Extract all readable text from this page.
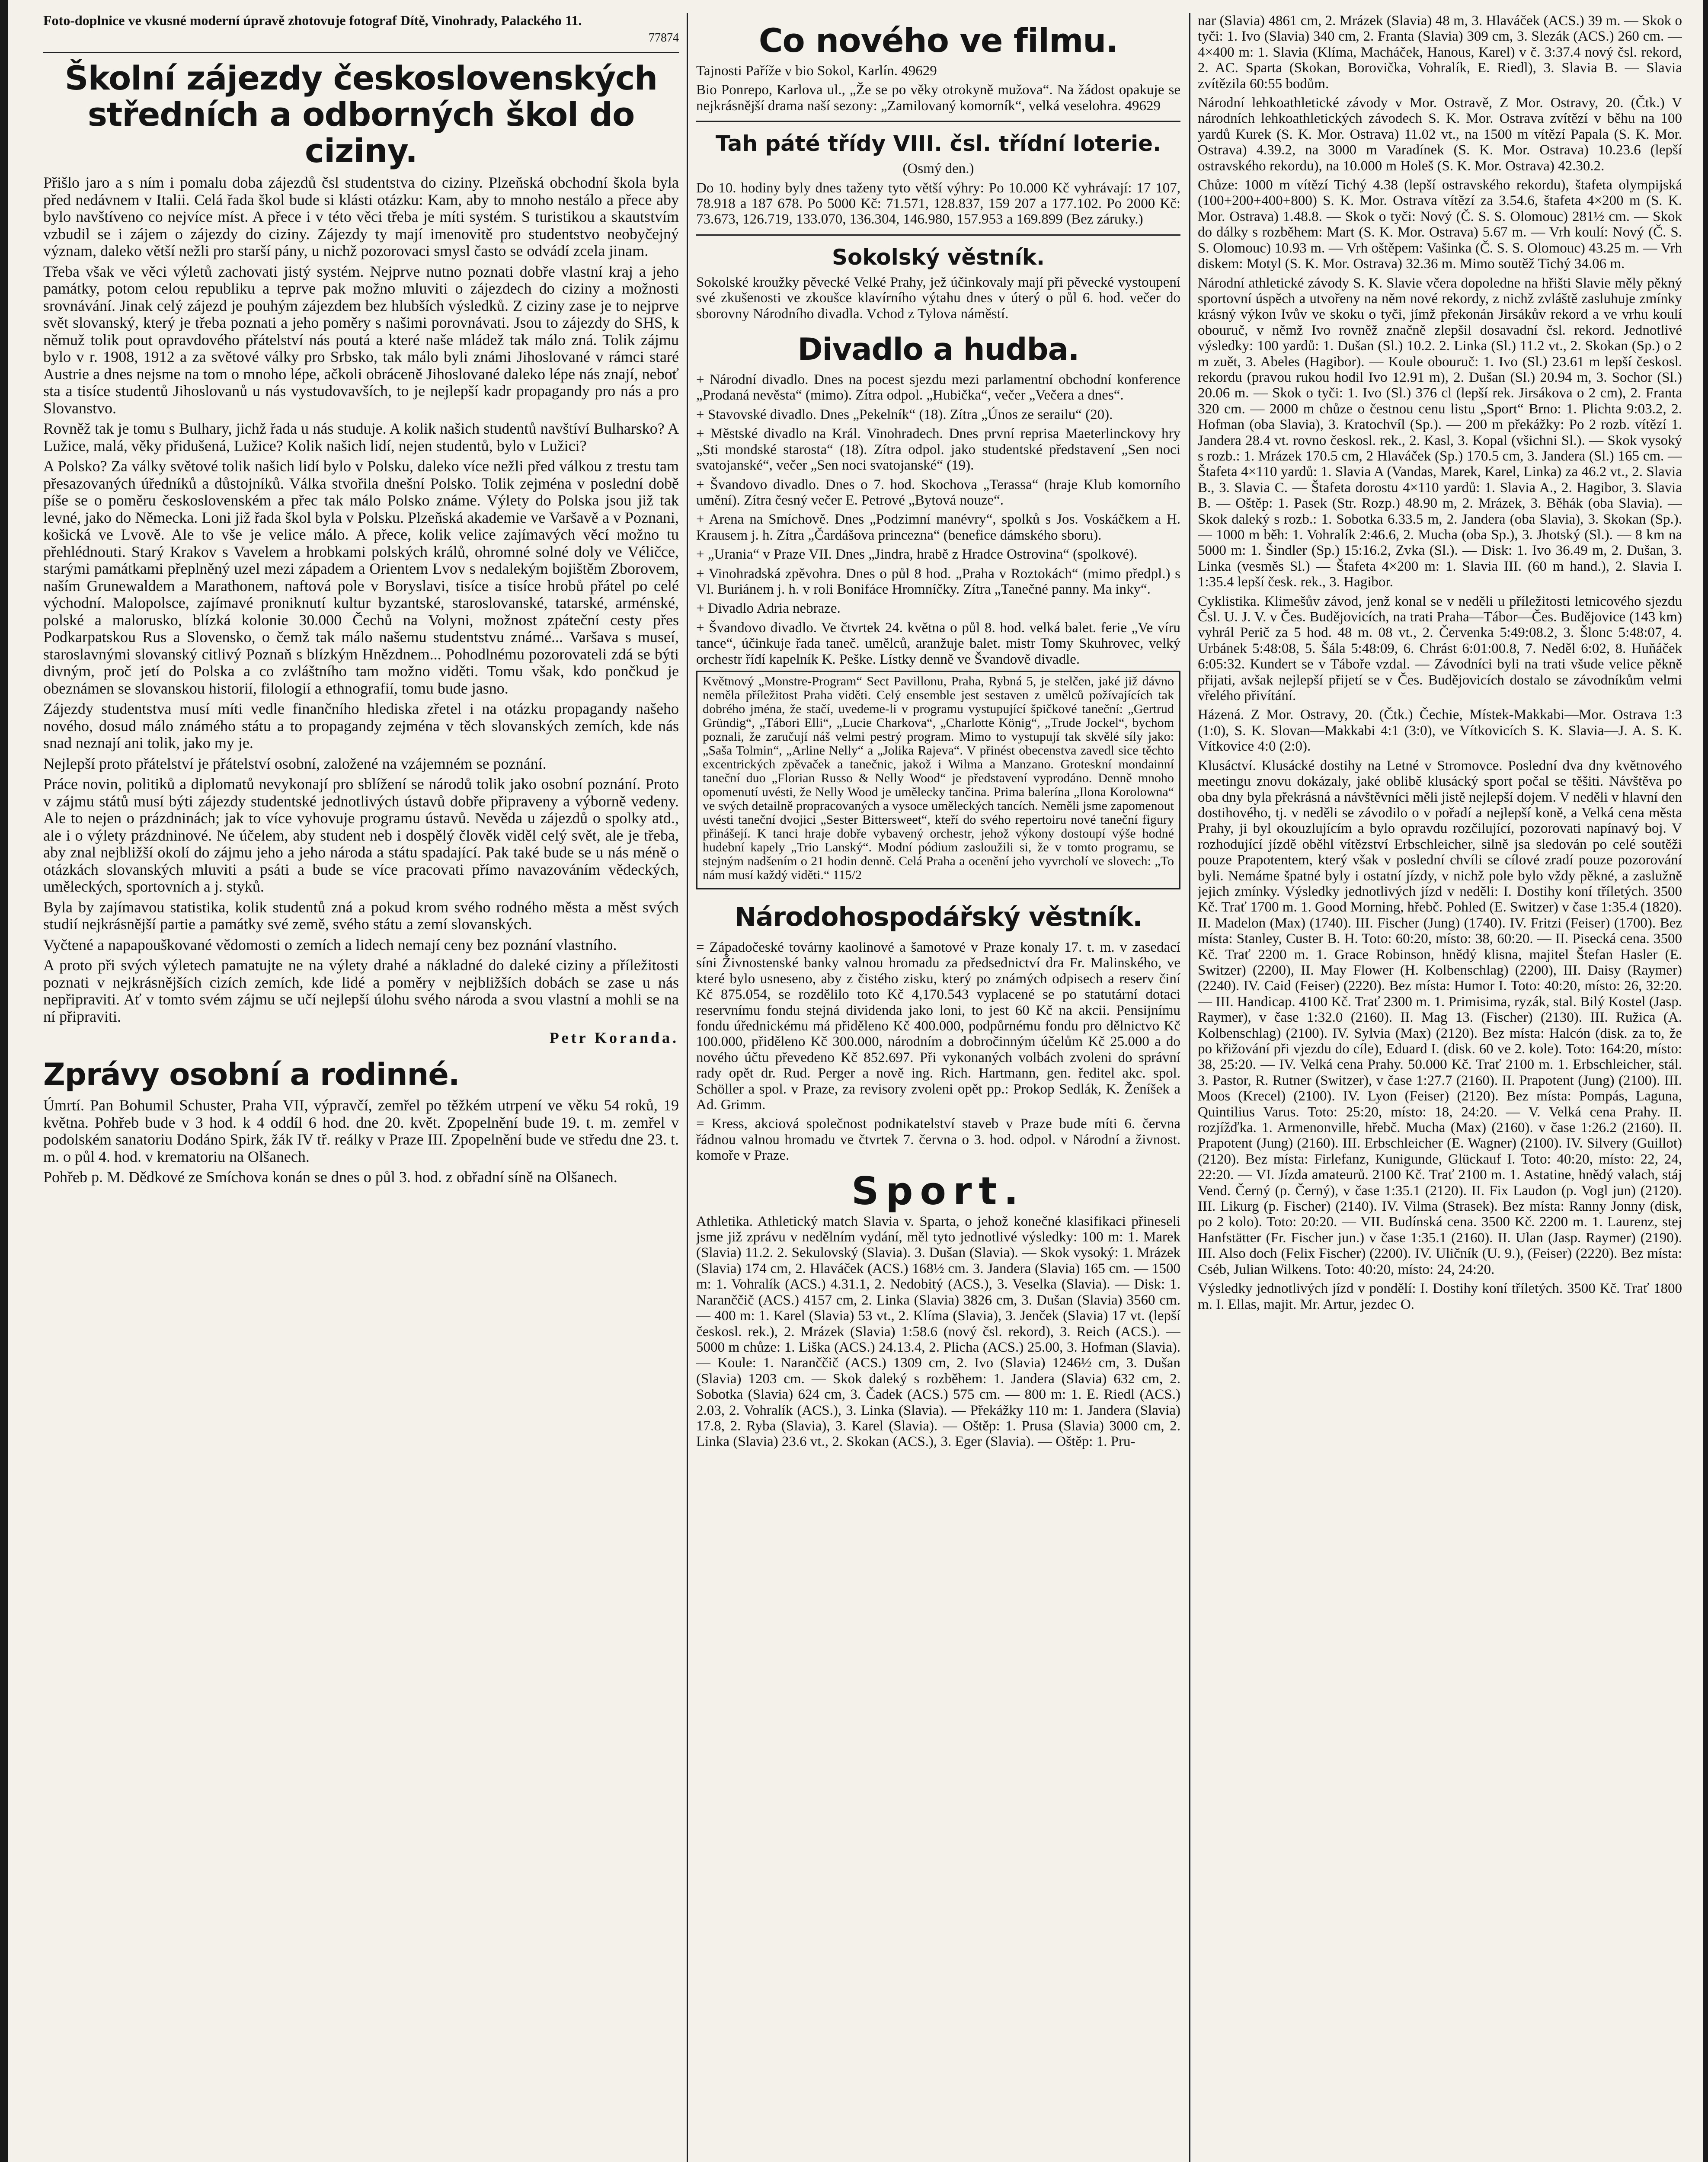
Foto-doplnice ve vkusné moderní úpravě zhotovuje fotograf Dítě, Vinohrady, Palackého 11.
77874
Školní zájezdy československých středních a odborných škol do ciziny.
Přišlo jaro a s ním i pomalu doba zájezdů čsl studentstva do ciziny. Plzeňská obchodní škola byla před nedávnem v Italii. Celá řada škol bude si klásti otázku: Kam, aby to mnoho nestálo a přece aby bylo navštíveno co nejvíce míst. A přece i v této věci třeba je míti systém. S turistikou a skautstvím vzbudil se i zájem o zájezdy do ciziny. Zájezdy ty mají imenovitě pro studentstvo neobyčejný význam, daleko větší nežli pro starší pány, u nichž pozorovaci smysl často se odvádí zcela jinam.
Třeba však ve věci výletů zachovati jistý systém. Nejprve nutno poznati dobře vlastní kraj a jeho památky, potom celou republiku a teprve pak možno mluviti o zájezdech do ciziny a možnosti srovnávání. Jinak celý zájezd je pouhým zájezdem bez hlubších výsledků. Z ciziny zase je to nejprve svět slovanský, který je třeba poznati a jeho poměry s našimi porovnávati. Jsou to zájezdy do SHS, k němuž tolik pout opravdového přátelství nás poutá a které naše mládež tak málo zná. Tolik zájmu bylo v r. 1908, 1912 a za světové války pro Srbsko, tak málo byli známi Jihoslované v rámci staré Austrie a dnes nejsme na tom o mnoho lépe, ačkoli obráceně Jihoslované daleko lépe nás znají, neboť sta a tisíce studentů Jihoslovanů u nás vystudovavších, to je nejlepší kadr propagandy pro nás a pro Slovanstvo.
Rovněž tak je tomu s Bulhary, jichž řada u nás studuje. A kolik našich studentů navštíví Bulharsko? A Lužice, malá, věky přidušená, Lužice? Kolik našich lidí, nejen studentů, bylo v Lužici?
A Polsko? Za války světové tolik našich lidí bylo v Polsku, daleko více nežli před válkou z trestu tam přesazovaných úředníků a důstojníků. Válka stvořila dnešní Polsko. Tolik zejména v poslední době píše se o poměru československém a přec tak málo Polsko známe. Výlety do Polska jsou již tak levné, jako do Německa. Loni již řada škol byla v Polsku. Plzeňská akademie ve Varšavě a v Poznani, košická ve Lvově. Ale to vše je velice málo. A přece, kolik velice zajímavých věcí možno tu přehlédnouti. Starý Krakov s Vavelem a hrobkami polských králů, ohromné solné doly ve Véličce, starými památkami přeplněný uzel mezi západem a Orientem Lvov s nedalekým bojištěm Zborovem, naším Grunewaldem a Marathonem, naftová pole v Boryslavi, tisíce a tisíce hrobů přátel po celé východní. Malopolsce, zajímavé proniknutí kultur byzantské, staroslovanské, tatarské, arménské, polské a malorusko, blízká kolonie 30.000 Čechů na Volyni, možnost zpáteční cesty přes Podkarpatskou Rus a Slovensko, o čemž tak málo našemu studentstvu známé... Varšava s museí, staroslavnými slovanský citlivý Poznaň s blízkým Hnězdnem... Pohodlnému pozorovateli zdá se býti divným, proč jetí do Polska a co zvláštního tam možno viděti. Tomu však, kdo pončkud je obeznámen se slovanskou historií, filologií a ethnografií, tomu bude jasno.
Zájezdy studentstva musí míti vedle finančního hlediska zřetel i na otázku propagandy našeho nového, dosud málo známého státu a to propagandy zejména v těch slovanských zemích, kde nás snad neznají ani tolik, jako my je.
Nejlepší proto přátelství je přátelství osobní, založené na vzájemném se poznání.
Práce novin, politiků a diplomatů nevykonají pro sblížení se národů tolik jako osobní poznání. Proto v zájmu států musí býti zájezdy studentské jednotlivých ústavů dobře připraveny a výborně vedeny. Ale to nejen o prázdninách; jak to více vyhovuje programu ústavů. Nevěda u zájezdů o spolky atd., ale i o výlety prázdninové. Ne účelem, aby student neb i dospělý člověk viděl celý svět, ale je třeba, aby znal nejbližší okolí do zájmu jeho a jeho národa a státu spadající. Pak také bude se u nás méně o otázkách slovanských mluviti a psáti a bude se více pracovati přímo navazováním vědeckých, uměleckých, sportovních a j. styků.
Byla by zajímavou statistika, kolik studentů zná a pokud krom svého rodného města a měst svých studií nejkrásnější partie a památky své země, svého státu a zemí slovanských.
Vyčtené a napapouškované vědomosti o zemích a lidech nemají ceny bez poznání vlastního.
A proto při svých výletech pamatujte ne na výlety drahé a nákladné do daleké ciziny a příležitosti poznati v nejkrásnějších cizích zemích, kde lidé a poměry v nejbližších dobách se zase u nás nepřipraviti. Ať v tomto svém zájmu se učí nejlepší úlohu svého národa a svou vlastní a mohli se na ní připraviti.
Petr Koranda.
Zprávy osobní a rodinné.
Úmrtí. Pan Bohumil Schuster, Praha VII, výpravčí, zemřel po těžkém utrpení ve věku 54 roků, 19 května. Pohřeb bude v 3 hod. k 4 oddíl 6 hod. dne 20. květ. Zpopelnění bude 19. t. m. zemřel v podolském sanatoriu Dodáno Spirk, žák IV tř. reálky v Praze III. Zpopelnění bude ve středu dne 23. t. m. o půl 4. hod. v krematoriu na Olšanech.
Pohřeb p. M. Dědkové ze Smíchova konán se dnes o půl 3. hod. z obřadní síně na Olšanech.
Co nového ve filmu.
Tajnosti Paříže v bio Sokol, Karlín. 49629
Bio Ponrepo, Karlova ul., „Že se po věky otrokyně mužova“. Na žádost opakuje se nejkrásnější drama naší sezony: „Zamilovaný komorník“, velká veselohra. 49629
Tah páté třídy VIII. čsl. třídní loterie.
(Osmý den.)
Do 10. hodiny byly dnes taženy tyto větší výhry: Po 10.000 Kč vyhrávají: 17 107, 78.918 a 187 678. Po 5000 Kč: 71.571, 128.837, 159 207 a 177.102. Po 2000 Kč: 73.673, 126.719, 133.070, 136.304, 146.980, 157.953 a 169.899 (Bez záruky.)
Sokolský věstník.
Sokolské kroužky pěvecké Velké Prahy, jež účinkovaly mají při pěvecké vystoupení své zkušenosti ve zkoušce klavírního výtahu dnes v úterý o půl 6. hod. večer do sborovny Národního divadla. Vchod z Tylova náměstí.
Divadlo a hudba.
+ Národní divadlo. Dnes na pocest sjezdu mezi parlamentní obchodní konference „Prodaná nevěsta“ (mimo). Zítra odpol. „Hubička“, večer „Večera a dnes“.
+ Stavovské divadlo. Dnes „Pekelník“ (18). Zítra „Únos ze serailu“ (20).
+ Městské divadlo na Král. Vinohradech. Dnes první reprisa Maeterlinckovy hry „Sti mondské starosta“ (18). Zítra odpol. jako studentské představení „Sen noci svatojanské“, večer „Sen noci svatojanské“ (19).
+ Švandovo divadlo. Dnes o 7. hod. Skochova „Terassa“ (hraje Klub komorního umění). Zítra česný večer E. Petrové „Bytová nouze“.
+ Arena na Smíchově. Dnes „Podzimní manévry“, spolků s Jos. Voskáčkem a H. Krausem j. h. Zítra „Čardášova princezna“ (benefice dámského sboru).
+ „Urania“ v Praze VII. Dnes „Jindra, hrabě z Hradce Ostrovina“ (spolkové).
+ Vinohradská zpěvohra. Dnes o půl 8 hod. „Praha v Roztokách“ (mimo předpl.) s Vl. Buriánem j. h. v roli Bonifáce Hromníčky. Zítra „Tanečné panny. Ma inky“.
+ Divadlo Adria nebraze.
+ Švandovo divadlo. Ve čtvrtek 24. května o půl 8. hod. velká balet. ferie „Ve víru tance“, účinkuje řada taneč. umělců, aranžuje balet. mistr Tomy Skuhrovec, velký orchestr řídí kapelník K. Peške. Lístky denně ve Švandově divadle.
Květnový „Monstre-Program“ Sect Pavillonu, Praha, Rybná 5, je stelčen, jaké již dávno neměla příležitost Praha viděti. Celý ensemble jest sestaven z umělců požívajících tak dobrého jména, že stačí, uvedeme-li v programu vystupující špičkové taneční: „Gertrud Gründig“, „Tábori Elli“, „Lucie Charkova“, „Charlotte König“, „Trude Jockel“, bychom poznali, že zaručují náš velmi pestrý program. Mimo to vystupují tak skvělé síly jako: „Saša Tolmin“, „Arline Nelly“ a „Jolika Rajeva“. V přinést obecenstva zavedl sice těchto excentrických zpěvaček a tanečnic, jakož i Wilma a Manzano. Groteskní mondainní taneční duo „Florian Russo & Nelly Wood“ je představení vyprodáno. Denně mnoho opomenutí uvésti, že Nelly Wood je umělecky tančina. Prima balerína „Ilona Korolowna“ ve svých detailně propracovaných a vysoce uměleckých tancích. Neměli jsme zapomenout uvésti taneční dvojici „Sester Bittersweet“, kteří do svého repertoiru nové taneční figury přinášejí. K tanci hraje dobře vybavený orchestr, jehož výkony dostoupí výše hodné hudební kapely „Trio Lanský“. Modní pódium zasloužili si, že v tomto programu, se stejným nadšením o 21 hodin denně. Celá Praha a ocenění jeho vyvrcholí ve slovech: „To nám musí každý viděti.“ 115/2
Národohospodářský věstník.
= Západočeské továrny kaolinové a šamotové v Praze konaly 17. t. m. v zasedací síni Živnostenské banky valnou hromadu za předsednictví dra Fr. Malinského, ve které bylo usneseno, aby z čistého zisku, který po známých odpisech a reserv činí Kč 875.054, se rozdělilo toto Kč 4,170.543 vyplacené se po statutární dotaci reservnímu fondu stejná dividenda jako loni, to jest 60 Kč na akcii. Pensijnímu fondu úřednickému má přiděleno Kč 400.000, podpůrnému fondu pro dělnictvo Kč 100.000, přiděleno Kč 300.000, národním a dobročinným účelům Kč 25.000 a do nového účtu převedeno Kč 852.697. Při vykonaných volbách zvoleni do správní rady opět dr. Rud. Perger a nově ing. Rich. Hartmann, gen. ředitel akc. spol. Schöller a spol. v Praze, za revisory zvoleni opět pp.: Prokop Sedlák, K. Ženíšek a Ad. Grimm.
= Kress, akciová společnost podnikatelství staveb v Praze bude míti 6. června řádnou valnou hromadu ve čtvrtek 7. června o 3. hod. odpol. v Národní a živnost. komoře v Praze.
Sport.
Athletika. Athletický match Slavia v. Sparta, o jehož konečné klasifikaci přineseli jsme již zprávu v nedělním vydání, měl tyto jednotlivé výsledky: 100 m: 1. Marek (Slavia) 11.2. 2. Sekulovský (Slavia). 3. Dušan (Slavia). — Skok vysoký: 1. Mrázek (Slavia) 174 cm, 2. Hlaváček (ACS.) 168½ cm. 3. Jandera (Slavia) 165 cm. — 1500 m: 1. Vohralík (ACS.) 4.31.1, 2. Nedobitý (ACS.), 3. Veselka (Slavia). — Disk: 1. Naranččič (ACS.) 4157 cm, 2. Linka (Slavia) 3826 cm, 3. Dušan (Slavia) 3560 cm. — 400 m: 1. Karel (Slavia) 53 vt., 2. Klíma (Slavia), 3. Jenček (Slavia) 17 vt. (lepší českosl. rek.), 2. Mrázek (Slavia) 1:58.6 (nový čsl. rekord), 3. Reich (ACS.). — 5000 m chůze: 1. Liška (ACS.) 24.13.4, 2. Plicha (ACS.) 25.00, 3. Hofman (Slavia). — Koule: 1. Naranččič (ACS.) 1309 cm, 2. Ivo (Slavia) 1246½ cm, 3. Dušan (Slavia) 1203 cm. — Skok daleký s rozběhem: 1. Jandera (Slavia) 632 cm, 2. Sobotka (Slavia) 624 cm, 3. Čadek (ACS.) 575 cm. — 800 m: 1. E. Riedl (ACS.) 2.03, 2. Vohralík (ACS.), 3. Linka (Slavia). — Překážky 110 m: 1. Jandera (Slavia) 17.8, 2. Ryba (Slavia), 3. Karel (Slavia). — Oštěp: 1. Prusa (Slavia) 3000 cm, 2. Linka (Slavia) 23.6 vt., 2. Skokan (ACS.), 3. Eger (Slavia). — Oštěp: 1. Pru-
nar (Slavia) 4861 cm, 2. Mrázek (Slavia) 48 m, 3. Hlaváček (ACS.) 39 m. — Skok o tyči: 1. Ivo (Slavia) 340 cm, 2. Franta (Slavia) 309 cm, 3. Slezák (ACS.) 260 cm. — 4×400 m: 1. Slavia (Klíma, Macháček, Hanous, Karel) v č. 3:37.4 nový čsl. rekord, 2. AC. Sparta (Skokan, Borovička, Vohralík, E. Riedl), 3. Slavia B. — Slavia zvítězila 60:55 bodům.
Národní lehkoathletické závody v Mor. Ostravě, Z Mor. Ostravy, 20. (Čtk.) V národních lehkoathletických závodech S. K. Mor. Ostrava zvítězí v běhu na 100 yardů Kurek (S. K. Mor. Ostrava) 11.02 vt., na 1500 m vítězí Papala (S. K. Mor. Ostrava) 4.39.2, na 3000 m Varadínek (S. K. Mor. Ostrava) 10.23.6 (lepší ostravského rekordu), na 10.000 m Holeš (S. K. Mor. Ostrava) 42.30.2.
Chůze: 1000 m vítězí Tichý 4.38 (lepší ostravského rekordu), štafeta olympijská (100+200+400+800) S. K. Mor. Ostrava vítězí za 3.54.6, štafeta 4×200 m (S. K. Mor. Ostrava) 1.48.8. — Skok o tyči: Nový (Č. S. S. Olomouc) 281½ cm. — Skok do dálky s rozběhem: Mart (S. K. Mor. Ostrava) 5.67 m. — Vrh koulí: Nový (Č. S. S. Olomouc) 10.93 m. — Vrh oštěpem: Vašinka (Č. S. S. Olomouc) 43.25 m. — Vrh diskem: Motyl (S. K. Mor. Ostrava) 32.36 m. Mimo soutěž Tichý 34.06 m.
Národní athletické závody S. K. Slavie včera dopoledne na hřišti Slavie měly pěkný sportovní úspěch a utvořeny na něm nové rekordy, z nichž zvláště zasluhuje zmínky krásný výkon Ivův ve skoku o tyči, jímž překonán Jirsákův rekord a ve vrhu koulí obouruč, v němž Ivo rovněž značně zlepšil dosavadní čsl. rekord. Jednotlivé výsledky: 100 yardů: 1. Dušan (Sl.) 10.2. 2. Linka (Sl.) 11.2 vt., 2. Skokan (Sp.) o 2 m zuět, 3. Abeles (Hagibor). — Koule obouruč: 1. Ivo (Sl.) 23.61 m lepší českosl. rekordu (pravou rukou hodil Ivo 12.91 m), 2. Dušan (Sl.) 20.94 m, 3. Sochor (Sl.) 20.06 m. — Skok o tyči: 1. Ivo (Sl.) 376 cl (lepší rek. Jirsákova o 2 cm), 2. Franta 320 cm. — 2000 m chůze o čestnou cenu listu „Sport“ Brno: 1. Plichta 9:03.2, 2. Hofman (oba Slavia), 3. Kratochvíl (Sp.). — 200 m překážky: Po 2 rozb. vítězí 1. Jandera 28.4 vt. rovno českosl. rek., 2. Kasl, 3. Kopal (všichni Sl.). — Skok vysoký s rozb.: 1. Mrázek 170.5 cm, 2 Hlaváček (Sp.) 170.5 cm, 3. Jandera (Sl.) 165 cm. — Štafeta 4×110 yardů: 1. Slavia A (Vandas, Marek, Karel, Linka) za 46.2 vt., 2. Slavia B., 3. Slavia C. — Štafeta dorostu 4×110 yardů: 1. Slavia A., 2. Hagibor, 3. Slavia B. — Oštěp: 1. Pasek (Str. Rozp.) 48.90 m, 2. Mrázek, 3. Běhák (oba Slavia). — Skok daleký s rozb.: 1. Sobotka 6.33.5 m, 2. Jandera (oba Slavia), 3. Skokan (Sp.). — 1000 m běh: 1. Vohralík 2:46.6, 2. Mucha (oba Sp.), 3. Jhotský (Sl.). — 8 km na 5000 m: 1. Šindler (Sp.) 15:16.2, Zvka (Sl.). — Disk: 1. Ivo 36.49 m, 2. Dušan, 3. Linka (vesměs Sl.) — Štafeta 4×200 m: 1. Slavia III. (60 m hand.), 2. Slavia I. 1:35.4 lepší česk. rek., 3. Hagibor.
Cyklistika. Klimešův závod, jenž konal se v neděli u příležitosti letnicového sjezdu Čsl. U. J. V. v Čes. Budějovicích, na trati Praha—Tábor—Čes. Budějovice (143 km) vyhrál Perič za 5 hod. 48 m. 08 vt., 2. Červenka 5:49:08.2, 3. Šlonc 5:48:07, 4. Urbánek 5:48:08, 5. Šála 5:48:09, 6. Chrást 6:01:00.8, 7. Neděl 6:02, 8. Huňáček 6:05:32. Kundert se v Táboře vzdal. — Závodníci byli na trati všude velice pěkně přijati, avšak nejlepší přijetí se v Čes. Budějovicích dostalo se závodníkům velmi vřelého přivítání.
Házená. Z Mor. Ostravy, 20. (Čtk.) Čechie, Místek-Makkabi—Mor. Ostrava 1:3 (1:0), S. K. Slovan—Makkabi 4:1 (3:0), ve Vítkovicích S. K. Slavia—J. A. S. K. Vítkovice 4:0 (2:0).
Klusáctví. Klusácké dostihy na Letné v Stromovce. Poslední dva dny květnového meetingu znovu dokázaly, jaké oblibě klusácký sport počal se těšiti. Návštěva po oba dny byla překrásná a návštěvníci měli jistě nejlepší dojem. V neděli v hlavní den dostihového, tj. v neděli se závodilo o v pořadí a nejlepší koně, a Velká cena města Prahy, ji byl okouzlujícím a bylo opravdu rozčilující, pozorovati napínavý boj. V rozhodující jízdě oběhl vítězství Erbschleicher, silně jsa sledován po celé soutěži pouze Prapotentem, který však v poslední chvíli se cílové zradí pouze pozorování byli. Nemáme špatné byly i ostatní jízdy, v nichž pole bylo vždy pěkné, a zaslužně jejich zmínky. Výsledky jednotlivých jízd v neděli: I. Dostihy koní tříletých. 3500 Kč. Trať 1700 m. 1. Good Morning, hřebč. Pohled (E. Switzer) v čase 1:35.4 (1820). II. Madelon (Max) (1740). III. Fischer (Jung) (1740). IV. Fritzi (Feiser) (1700). Bez místa: Stanley, Custer B. H. Toto: 60:20, místo: 38, 60:20. — II. Pisecká cena. 3500 Kč. Trať 2200 m. 1. Grace Robinson, hnědý klisna, majitel Štefan Hasler (E. Switzer) (2200), II. May Flower (H. Kolbenschlag) (2200), III. Daisy (Raymer) (2240). IV. Caid (Feiser) (2220). Bez místa: Humor I. Toto: 40:20, místo: 26, 32:20. — III. Handicap. 4100 Kč. Trať 2300 m. 1. Primisima, ryzák, stal. Bilý Kostel (Jasp. Raymer), v čase 1:32.0 (2160). II. Mag 13. (Fischer) (2130). III. Ružica (A. Kolbenschlag) (2100). IV. Sylvia (Max) (2120). Bez místa: Halcón (disk. za to, že po křižování při vjezdu do cíle), Eduard I. (disk. 60 ve 2. kole). Toto: 164:20, místo: 38, 25:20. — IV. Velká cena Prahy. 50.000 Kč. Trať 2100 m. 1. Erbschleicher, stál. 3. Pastor, R. Rutner (Switzer), v čase 1:27.7 (2160). II. Prapotent (Jung) (2100). III. Moos (Krecel) (2100). IV. Lyon (Feiser) (2120). Bez místa: Pompás, Laguna, Quintilius Varus. Toto: 25:20, místo: 18, 24:20. — V. Velká cena Prahy. II. rozjížďka. 1. Armenonville, hřebč. Mucha (Max) (2160). v čase 1:26.2 (2160). II. Prapotent (Jung) (2160). III. Erbschleicher (E. Wagner) (2100). IV. Silvery (Guillot) (2120). Bez místa: Firlefanz, Kunigunde, Glückauf I. Toto: 40:20, místo: 22, 24, 22:20. — VI. Jízda amateurů. 2100 Kč. Trať 2100 m. 1. Astatine, hnědý valach, stáj Vend. Černý (p. Černý), v čase 1:35.1 (2120). II. Fix Laudon (p. Vogl jun) (2120). III. Likurg (p. Fischer) (2140). IV. Vilma (Strasek). Bez místa: Ranny Jonny (disk, po 2 kolo). Toto: 20:20. — VII. Budínská cena. 3500 Kč. 2200 m. 1. Laurenz, stej Hanfstätter (Fr. Fischer jun.) v čase 1:35.1 (2160). II. Ulan (Jasp. Raymer) (2190). III. Also doch (Felix Fischer) (2200). IV. Uličník (U. 9.), (Feiser) (2220). Bez místa: Cséb, Julian Wilkens. Toto: 40:20, místo: 24, 24:20.
Výsledky jednotlivých jízd v pondělí: I. Dostihy koní tříletých. 3500 Kč. Trať 1800 m. I. Ellas, majit. Mr. Artur, jezdec O.
